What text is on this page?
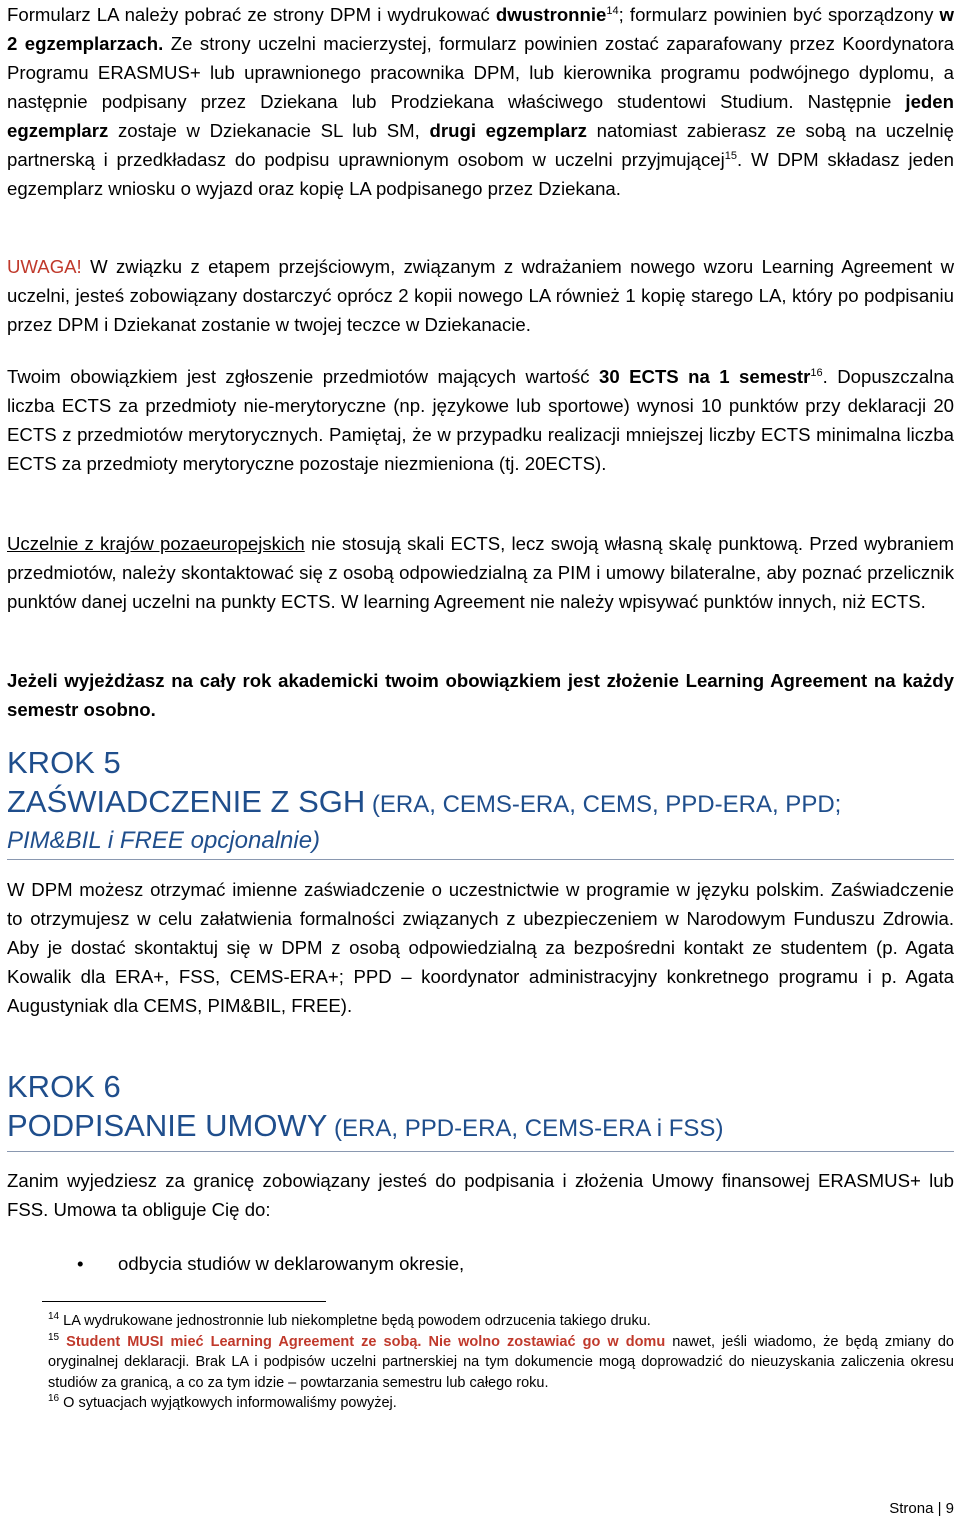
Formularz LA należy pobrać ze strony DPM i wydrukować dwustronnie$^{14}$; formularz powinien być sporządzony w 2 egzemplarzach. Ze strony uczelni macierzystej, formularz powinien zostać zaparafowany przez Koordynatora Programu ERASMUS+ lub uprawnionego pracownika DPM, lub kierownika programu podwójnego dyplomu, a następnie podpisany przez Dziekana lub Prodziekana właściwego studentowi Studium. Następnie jeden egzemplarz zostaje w Dziekanacie SL lub SM, drugi egzemplarz natomiast zabierasz ze sobą na uczelnię partnerską i przedkładasz do podpisu uprawnionym osobom w uczelni przyjmującej$^{15}$. W DPM składasz jeden egzemplarz wniosku o wyjazd oraz kopię LA podpisanego przez Dziekana.

UWAGA! W związku z etapem przejściowym, związanym z wdrażaniem nowego wzoru Learning Agreement w uczelni, jesteś zobowiązany dostarczyć oprócz 2 kopii nowego LA również 1 kopię starego LA, który po podpisaniu przez DPM i Dziekanat zostanie w twojej teczce w Dziekanacie.

Twoim obowiązkiem jest zgłoszenie przedmiotów mających wartość 30 ECTS na 1 semestr$^{16}$. Dopuszczalna liczba ECTS za przedmioty nie-merytoryczne (np. językowe lub sportowe) wynosi 10 punktów przy deklaracji 20 ECTS z przedmiotów merytorycznych. Pamiętaj, że w przypadku realizacji mniejszej liczby ECTS minimalna liczba ECTS za przedmioty merytoryczne pozostaje niezmieniona (tj. 20ECTS).

Uczelnie z krajów pozaeuropejskich nie stosują skali ECTS, lecz swoją własną skalę punktową. Przed wybraniem przedmiotów, należy skontaktować się z osobą odpowiedzialną za PIM i umowy bilateralne, aby poznać przelicznik punktów danej uczelni na punkty ECTS. W learning Agreement nie należy wpisywać punktów innych, niż ECTS.

Jeżeli wyjeżdżasz na cały rok akademicki twoim obowiązkiem jest złożenie Learning Agreement na każdy semestr osobno.

KROK 5

ZAŚWIADCZENIE Z SGH (ERA, CEMS-ERA, CEMS, PPD-ERA, PPD;

PIM&BIL i FREE opcjonalnie)

W DPM możesz otrzymać imienne zaświadczenie o uczestnictwie w programie w języku polskim. Zaświadczenie to otrzymujesz w celu załatwienia formalności związanych z ubezpieczeniem w Narodowym Funduszu Zdrowia. Aby je dostać skontaktuj się w DPM z osobą odpowiedzialną za bezpośredni kontakt ze studentem (p. Agata Kowalik dla ERA+, FSS, CEMS-ERA+; PPD – koordynator administracyjny konkretnego programu i p. Agata Augustyniak dla CEMS, PIM&BIL, FREE).

KROK 6

PODPISANIE UMOWY (ERA, PPD-ERA, CEMS-ERA i FSS)

Zanim wyjedziesz za granicę zobowiązany jesteś do podpisania i złożenia Umowy finansowej ERASMUS+ lub FSS. Umowa ta obliguje Cię do:

• odbycia studiów w deklarowanym okresie,

$^{14}$ LA wydrukowane jednostronnie lub niekompletne będą powodem odrzucenia takiego druku.

$^{15}$ Student MUSI mieć Learning Agreement ze sobą. Nie wolno zostawiać go w domu nawet, jeśli wiadomo, że będą zmiany do oryginalnej deklaracji. Brak LA i podpisów uczelni partnerskiej na tym dokumencie mogą doprowadzić do nieuzyskania zaliczenia okresu studiów za granicą, a co za tym idzie – powtarzania semestru lub całego roku.

$^{16}$ O sytuacjach wyjątkowych informowaliśmy powyżej.

Strona | 9
